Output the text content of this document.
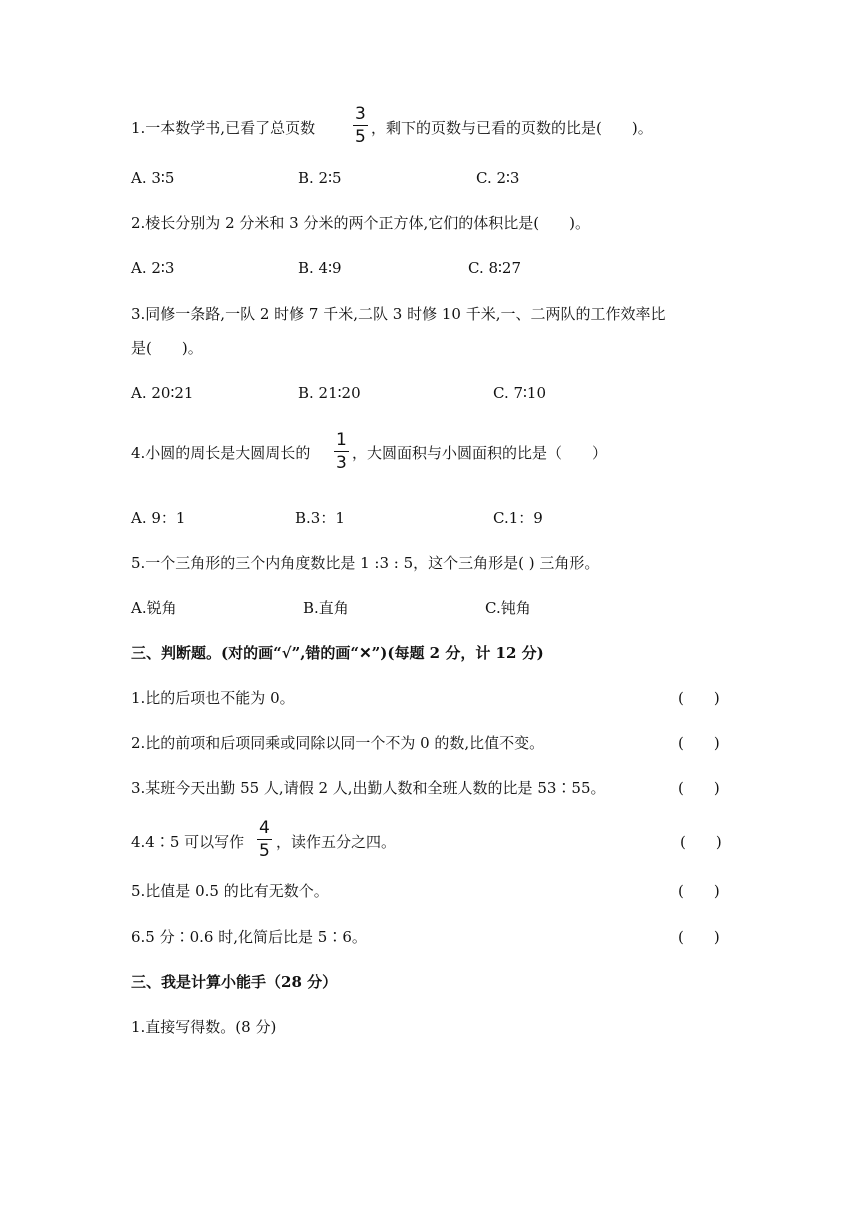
1.一本数学书,已看了总页数
3
5 ，剩下的页数与已看的页数的比是(　　)。
A. 3∶5	B. 2∶5	C. 2∶3
2.棱长分别为 2 分米和 3 分米的两个正方体,它们的体积比是(　　)。
A. 2∶3	B. 4∶9	C. 8∶27
3.同修一条路,一队 2 时修 7 千米,二队 3 时修 10 千米,一、二两队的工作效率比
是(　　)。
A. 20∶21	B. 21∶20	C. 7∶10
4.小圆的周长是大圆周长的
1
3 ，大圆面积与小圆面积的比是（　　）
A. 9：1	B.3：1	C.1：9
5.一个三角形的三个内角度数比是 1 :3 : 5，这个三角形是( ) 三角形。
A.锐角	B.直角	C.钝角
三、判断题。(对的画“√”,错的画“✕”)(每题 2 分，计 12 分)
1.比的后项也不能为 0。	(　　)
2.比的前项和后项同乘或同除以同一个不为 0 的数,比值不变。	(　　)
3.某班今天出勤 55 人,请假 2 人,出勤人数和全班人数的比是 53∶55。	(　　)
4.4∶5 可以写作
4
5 ，读作五分之四。	(　　)
5.比值是 0.5 的比有无数个。	(　　)
6.5 分∶0.6 时,化简后比是 5∶6。	(　　)
三、我是计算小能手（28 分）
1.直接写得数。(8 分)
